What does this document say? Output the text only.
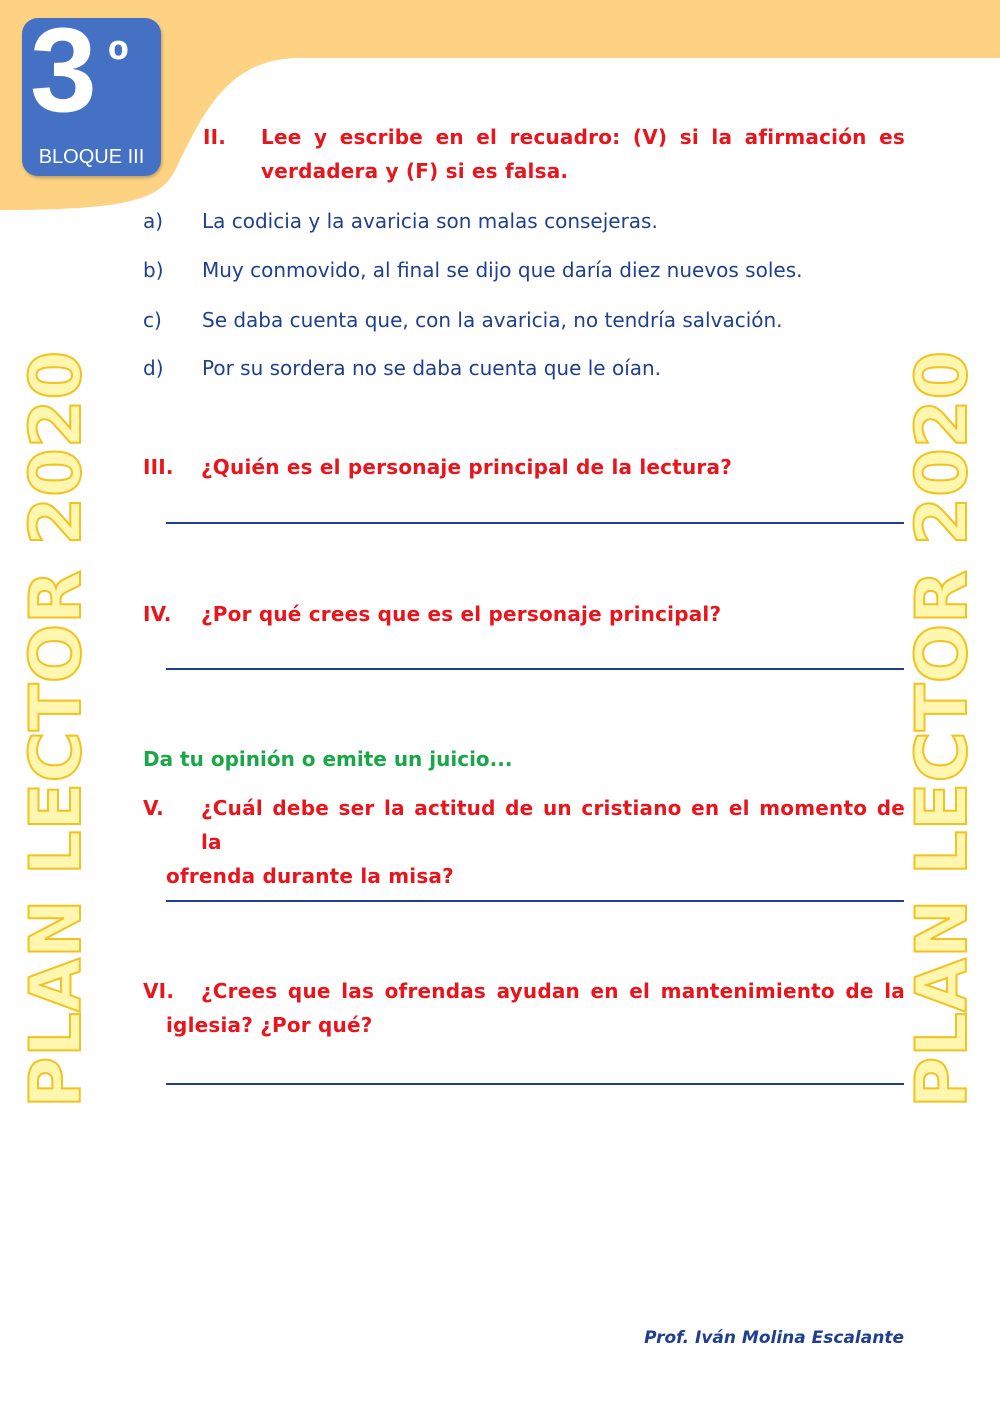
3 º
BLOQUE III
PLAN LECTOR 2020	PLAN LECTOR 2020
II.	Lee y escribe en el recuadro: (V) si la afirmación es
verdadera y (F) si es falsa.
a) La codicia y la avaricia son malas consejeras.
b) Muy conmovido, al final se dijo que daría diez nuevos soles.
c) Se daba cuenta que, con la avaricia, no tendría salvación.
d) Por su sordera no se daba cuenta que le oían.
III. ¿Quién es el personaje principal de la lectura?
IV. ¿Por qué crees que es el personaje principal?
Da tu opinión o emite un juicio...
V.	¿Cuál debe ser la actitud de un cristiano en el momento de la
ofrenda durante la misa?
VI.	¿Crees que las ofrendas ayudan en el mantenimiento de la
iglesia? ¿Por qué?
Prof. Iván Molina Escalante
